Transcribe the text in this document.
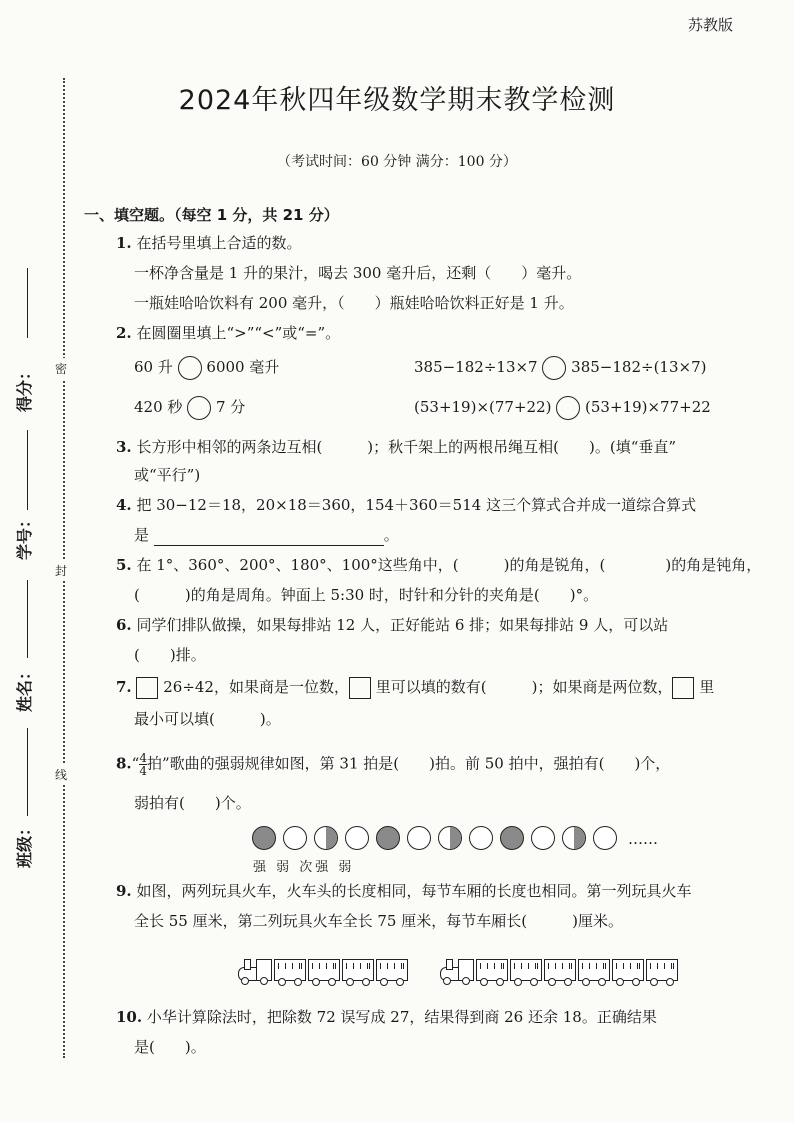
苏教版
2024年秋四年级数学期末教学检测
（考试时间：60 分钟 满分：100 分）
密
封
线
得分：
学号：
姓名：
班级：
一、填空题。（每空 1 分，共 21 分）
1. 在括号里填上合适的数。
一杯净含量是 1 升的果汁，喝去 300 毫升后，还剩（　　）毫升。
一瓶娃哈哈饮料有 200 毫升，（　　）瓶娃哈哈饮料正好是 1 升。
2. 在圆圈里填上“>”“<”或“=”。
60 升 6000 毫升	385−182÷13×7 385−182÷(13×7)
420 秒 7 分	(53+19)×(77+22) (53+19)×77+22
3. 长方形中相邻的两条边互相(　　　)；秋千架上的两根吊绳互相(　　)。(填“垂直”
或“平行”)
4. 把 30−12＝18，20×18＝360，154＋360＝514 这三个算式合并成一道综合算式
是	。
5. 在 1°、360°、200°、180°、100°这些角中，(　　　)的角是锐角，(　　　　)的角是钝角，
(　　　)的角是周角。钟面上 5:30 时，时针和分针的夹角是(　　)°。
6. 同学们排队做操，如果每排站 12 人，正好能站 6 排；如果每排站 9 人，可以站
(　　)排。
7. 26÷42，如果商是一位数， 里可以填的数有(　　　)；如果商是两位数， 里
最小可以填(　　　)。
8.“ $\frac{4}{4}$ 拍”歌曲的强弱规律如图，第 31 拍是(　　)拍。前 50 拍中，强拍有(　　)个，
弱拍有(　　)个。
……
强 弱 次强 弱
9. 如图，两列玩具火车，火车头的长度相同，每节车厢的长度也相同。第一列玩具火车
全长 55 厘米，第二列玩具火车全长 75 厘米，每节车厢长(　　　)厘米。
10. 小华计算除法时，把除数 72 误写成 27，结果得到商 26 还余 18。正确结果
是(　　)。
